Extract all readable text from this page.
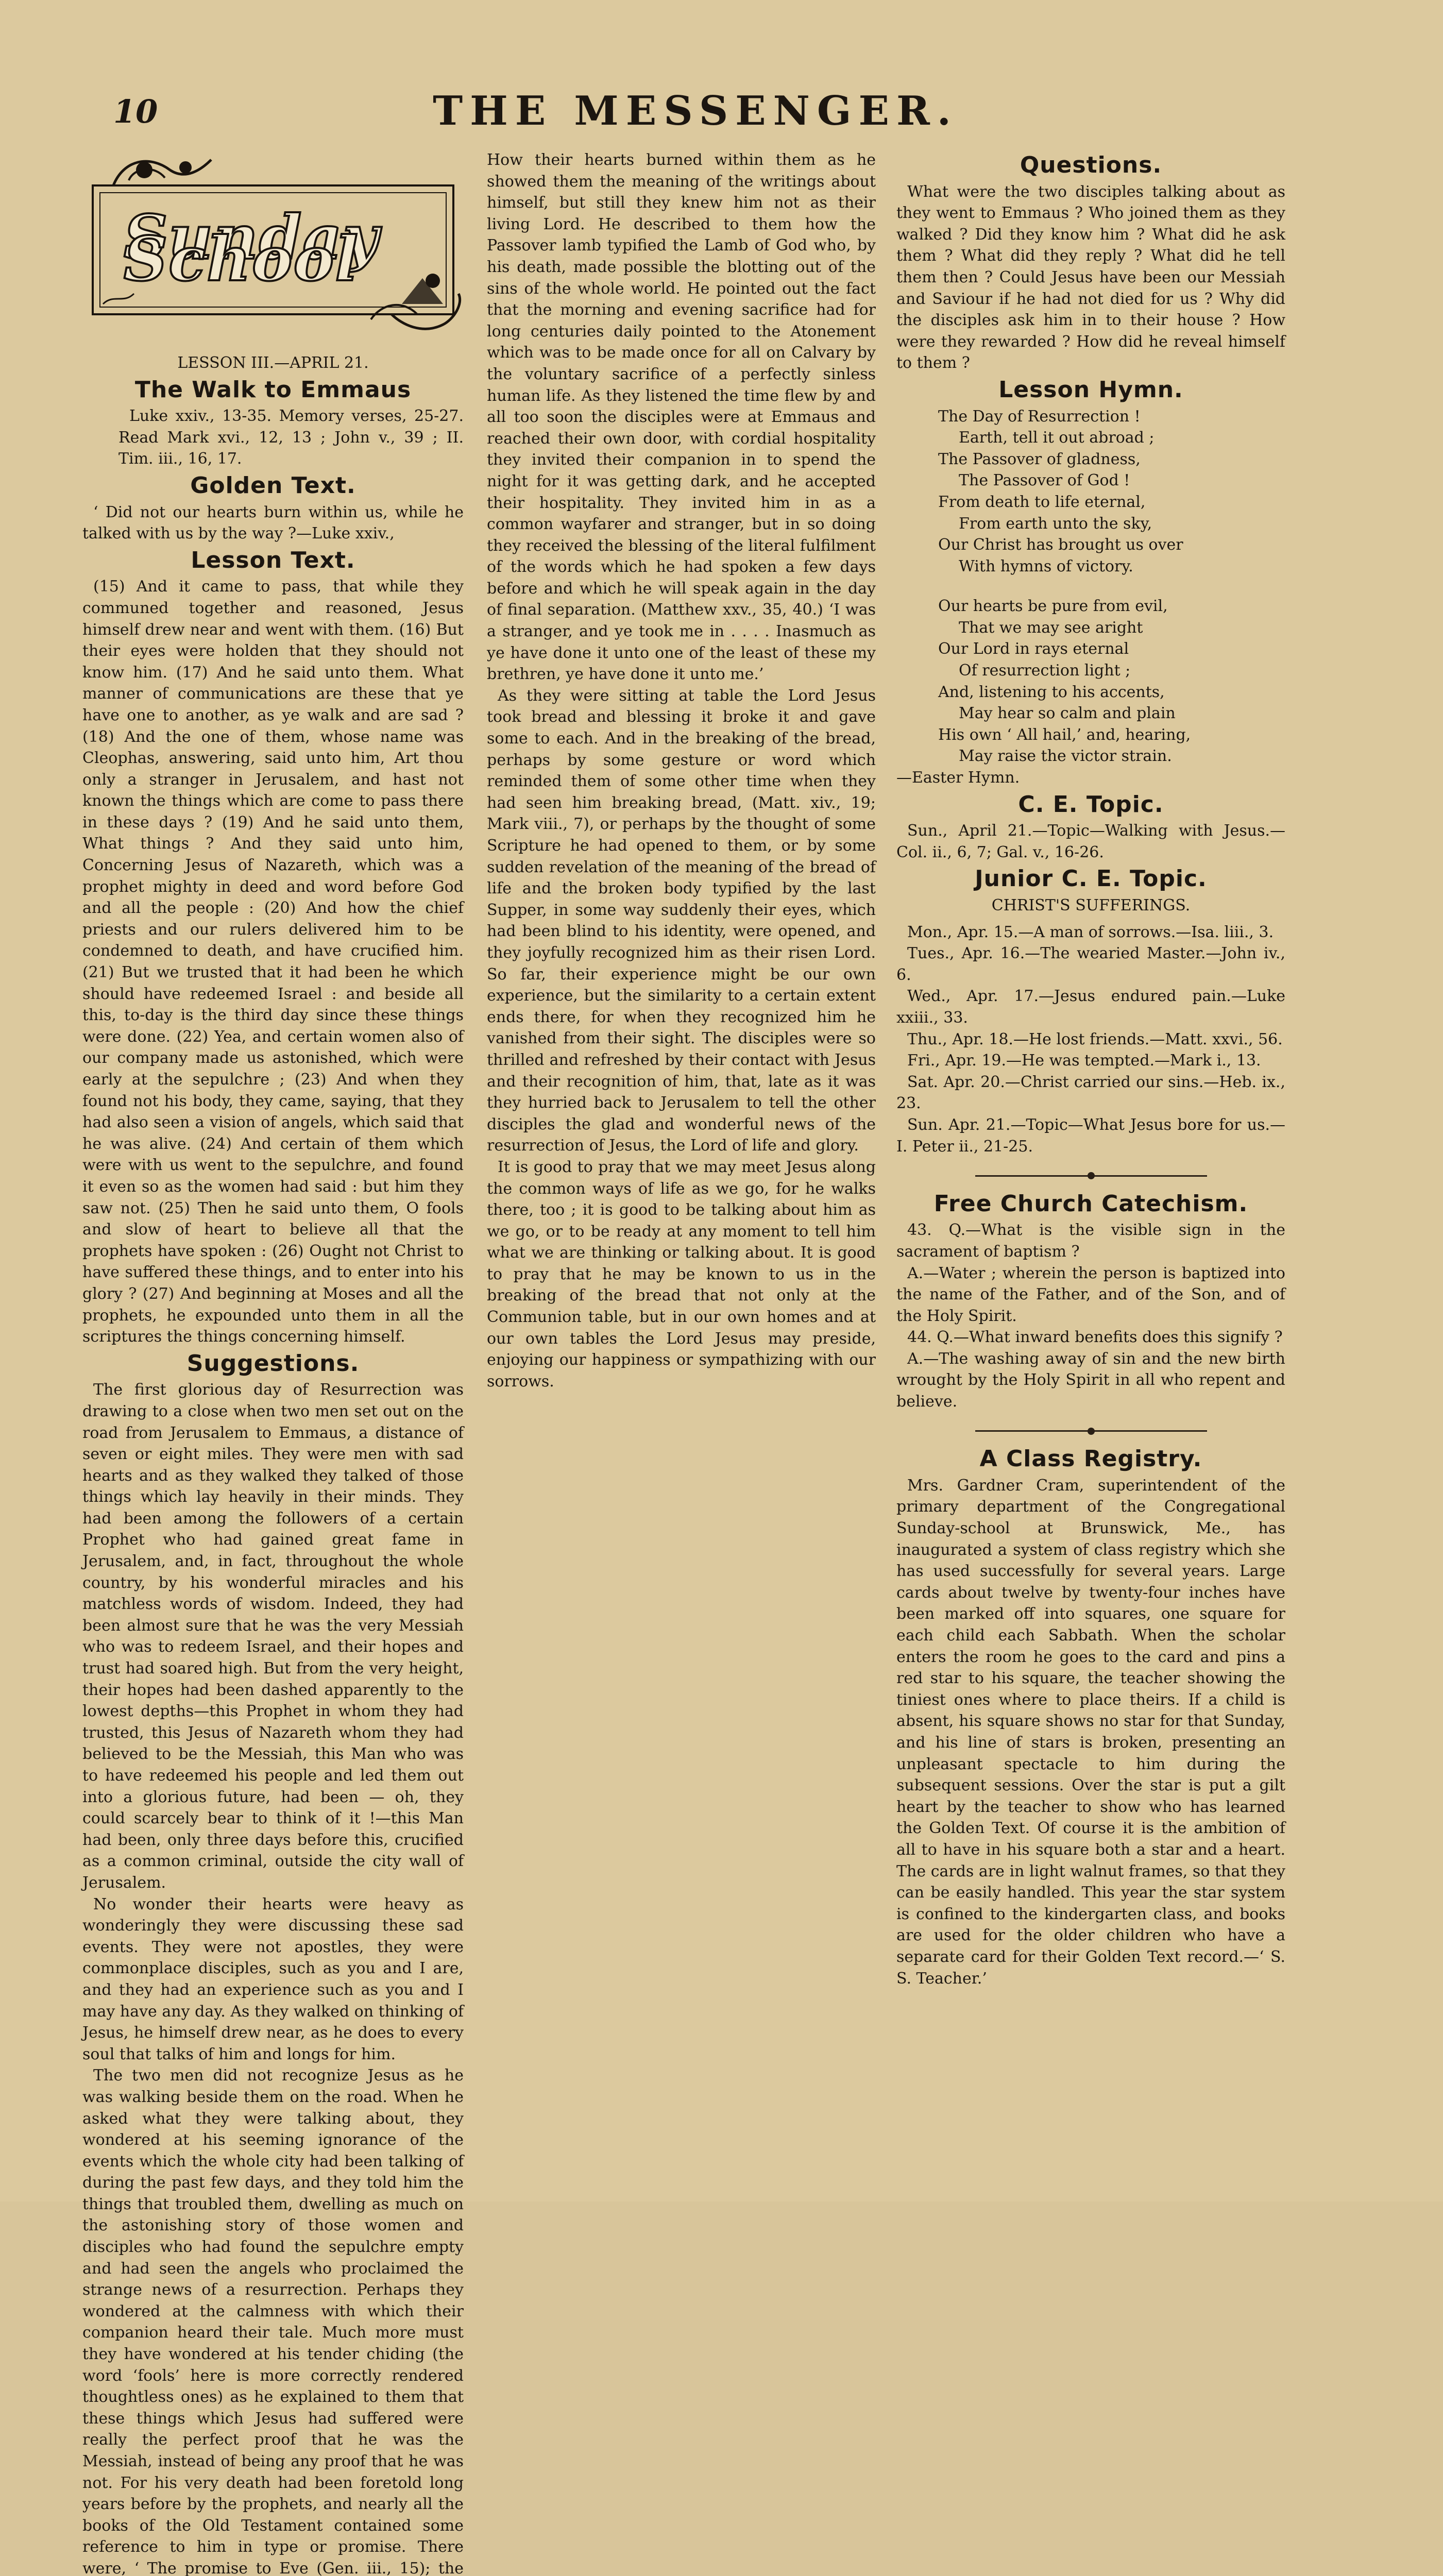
10	THE MESSENGER.
Sunday School
LESSON III.—APRIL 21.
The Walk to Emmaus

Luke xxiv., 13-35. Memory verses, 25-27. Read Mark xvi., 12, 13 ; John v., 39 ; II. Tim. iii., 16, 17.

Golden Text.

‘ Did not our hearts burn within us, while he talked with us by the way ?—Luke xxiv.,

Lesson Text.

(15) And it came to pass, that while they communed together and reasoned, Jesus himself drew near and went with them. (16) But their eyes were holden that they should not know him. (17) And he said unto them. What manner of communications are these that ye have one to another, as ye walk and are sad ? (18) And the one of them, whose name was Cleophas, answering, said unto him, Art thou only a stranger in Jerusalem, and hast not known the things which are come to pass there in these days ? (19) And he said unto them, What things ? And they said unto him, Concerning Jesus of Nazareth, which was a prophet mighty in deed and word before God and all the people : (20) And how the chief priests and our rulers delivered him to be condemned to death, and have crucified him. (21) But we trusted that it had been he which should have redeemed Israel : and beside all this, to-day is the third day since these things were done. (22) Yea, and certain women also of our company made us astonished, which were early at the sepulchre ; (23) And when they found not his body, they came, saying, that they had also seen a vision of angels, which said that he was alive. (24) And certain of them which were with us went to the sepulchre, and found it even so as the women had said : but him they saw not. (25) Then he said unto them, O fools and slow of heart to believe all that the prophets have spoken : (26) Ought not Christ to have suffered these things, and to enter into his glory ? (27) And beginning at Moses and all the prophets, he expounded unto them in all the scriptures the things concerning himself.

Suggestions.

The first glorious day of Resurrection was drawing to a close when two men set out on the road from Jerusalem to Emmaus, a distance of seven or eight miles. They were men with sad hearts and as they walked they talked of those things which lay heavily in their minds. They had been among the followers of a certain Prophet who had gained great fame in Jerusalem, and, in fact, throughout the whole country, by his wonderful miracles and his matchless words of wisdom. Indeed, they had been almost sure that he was the very Messiah who was to redeem Israel, and their hopes and trust had soared high. But from the very height, their hopes had been dashed apparently to the lowest depths—this Prophet in whom they had trusted, this Jesus of Nazareth whom they had believed to be the Messiah, this Man who was to have redeemed his people and led them out into a glorious future, had been — oh, they could scarcely bear to think of it !—this Man had been, only three days before this, crucified as a common criminal, outside the city wall of Jerusalem.

No wonder their hearts were heavy as wonderingly they were discussing these sad events. They were not apostles, they were commonplace disciples, such as you and I are, and they had an experience such as you and I may have any day. As they walked on thinking of Jesus, he himself drew near, as he does to every soul that talks of him and longs for him.

The two men did not recognize Jesus as he was walking beside them on the road. When he asked what they were talking about, they wondered at his seeming ignorance of the events which the whole city had been talking of during the past few days, and they told him the things that troubled them, dwelling as much on the astonishing story of those women and disciples who had found the sepulchre empty and had seen the angels who proclaimed the strange news of a resurrection. Perhaps they wondered at the calmness with which their companion heard their tale. Much more must they have wondered at his tender chiding (the word ‘fools’ here is more correctly rendered thoughtless ones) as he explained to them that these things which Jesus had suffered were really the perfect proof that he was the Messiah, instead of being any proof that he was not. For his very death had been foretold long years before by the prophets, and nearly all the books of the Old Testament contained some reference to him in type or promise. There were, ‘ The promise to Eve (Gen. iii., 15); the

How their hearts burned within them as he showed them the meaning of the writings about himself, but still they knew him not as their living Lord. He described to them how the Passover lamb typified the Lamb of God who, by his death, made possible the blotting out of the sins of the whole world. He pointed out the fact that the morning and evening sacrifice had for long centuries daily pointed to the Atonement which was to be made once for all on Calvary by the voluntary sacrifice of a perfectly sinless human life. As they listened the time flew by and all too soon the disciples were at Emmaus and reached their own door, with cordial hospitality they invited their companion in to spend the night for it was getting dark, and he accepted their hospitality. They invited him in as a common wayfarer and stranger, but in so doing they received the blessing of the literal fulfilment of the words which he had spoken a few days before and which he will speak again in the day of final separation. (Matthew xxv., 35, 40.) ‘I was a stranger, and ye took me in . . . . Inasmuch as ye have done it unto one of the least of these my brethren, ye have done it unto me.’

As they were sitting at table the Lord Jesus took bread and blessing it broke it and gave some to each. And in the breaking of the bread, perhaps by some gesture or word which reminded them of some other time when they had seen him breaking bread, (Matt. xiv., 19; Mark viii., 7), or perhaps by the thought of some Scripture he had opened to them, or by some sudden revelation of the meaning of the bread of life and the broken body typified by the last Supper, in some way suddenly their eyes, which had been blind to his identity, were opened, and they joyfully recognized him as their risen Lord. So far, their experience might be our own experience, but the similarity to a certain extent ends there, for when they recognized him he vanished from their sight. The disciples were so thrilled and refreshed by their contact with Jesus and their recognition of him, that, late as it was they hurried back to Jerusalem to tell the other disciples the glad and wonderful news of the resurrection of Jesus, the Lord of life and glory.

It is good to pray that we may meet Jesus along the common ways of life as we go, for he walks there, too ; it is good to be talking about him as we go, or to be ready at any moment to tell him what we are thinking or talking about. It is good to pray that he may be known to us in the breaking of the bread that not only at the Communion table, but in our own homes and at our own tables the Lord Jesus may preside, enjoying our happiness or sympathizing with our sorrows.

Questions.

What were the two disciples talking about as they went to Emmaus ? Who joined them as they walked ? Did they know him ? What did he ask them ? What did they reply ? What did he tell them then ? Could Jesus have been our Messiah and Saviour if he had not died for us ? Why did the disciples ask him in to their house ? How were they rewarded ? How did he reveal himself to them ?

Lesson Hymn.

The Day of Resurrection !

Earth, tell it out abroad ;

The Passover of gladness,

The Passover of God !

From death to life eternal,

From earth unto the sky,

Our Christ has brought us over

With hymns of victory.

Our hearts be pure from evil,

That we may see aright

Our Lord in rays eternal

Of resurrection light ;

And, listening to his accents,

May hear so calm and plain

His own ‘ All hail,’ and, hearing,

May raise the victor strain.

—Easter Hymn.

C. E. Topic.

Sun., April 21.—Topic—Walking with Jesus.—Col. ii., 6, 7; Gal. v., 16-26.

Junior C. E. Topic.
CHRIST'S SUFFERINGS.

Mon., Apr. 15.—A man of sorrows.—Isa. liii., 3.

Tues., Apr. 16.—The wearied Master.—John iv., 6.

Wed., Apr. 17.—Jesus endured pain.—Luke xxiii., 33.

Thu., Apr. 18.—He lost friends.—Matt. xxvi., 56.

Fri., Apr. 19.—He was tempted.—Mark i., 13.

Sat. Apr. 20.—Christ carried our sins.—Heb. ix., 23.

Sun. Apr. 21.—Topic—What Jesus bore for us.—I. Peter ii., 21-25.

Free Church Catechism.

43. Q.—What is the visible sign in the sacrament of baptism ?

A.—Water ; wherein the person is baptized into the name of the Father, and of the Son, and of the Holy Spirit.

44. Q.—What inward benefits does this signify ?

A.—The washing away of sin and the new birth wrought by the Holy Spirit in all who repent and believe.

A Class Registry.

Mrs. Gardner Cram, superintendent of the primary department of the Congregational Sunday-school at Brunswick, Me., has inaugurated a system of class registry which she has used successfully for several years. Large cards about twelve by twenty-four inches have been marked off into squares, one square for each child each Sabbath. When the scholar enters the room he goes to the card and pins a red star to his square, the teacher showing the tiniest ones where to place theirs. If a child is absent, his square shows no star for that Sunday, and his line of stars is broken, presenting an unpleasant spectacle to him during the subsequent sessions. Over the star is put a gilt heart by the teacher to show who has learned the Golden Text. Of course it is the ambition of all to have in his square both a star and a heart. The cards are in light walnut frames, so that they can be easily handled. This year the star system is confined to the kindergarten class, and books are used for the older children who have a separate card for their Golden Text record.—‘ S. S. Teacher.’
